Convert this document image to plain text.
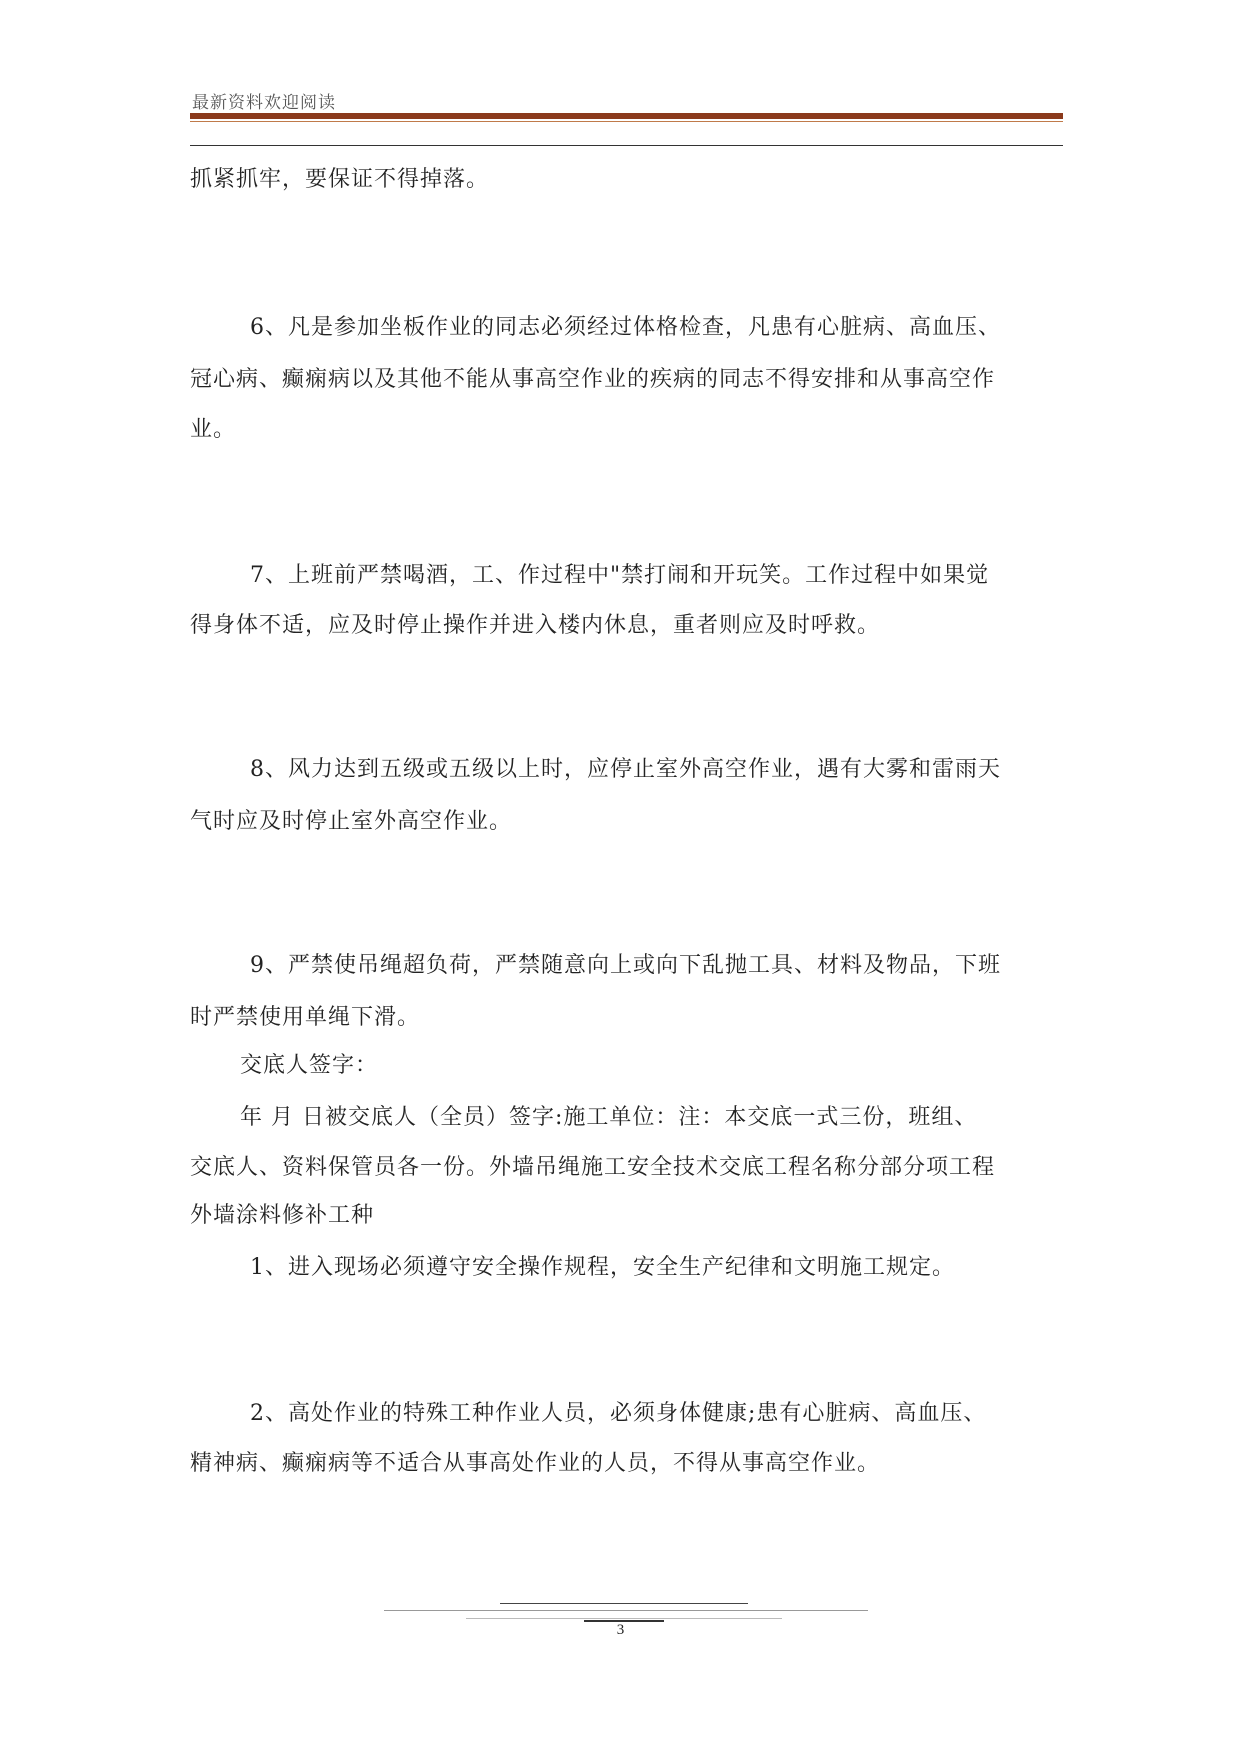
最新资料欢迎阅读
抓紧抓牢，要保证不得掉落。
6、凡是参加坐板作业的同志必须经过体格检查，凡患有心脏病、高血压、
冠心病、癫痫病以及其他不能从事高空作业的疾病的同志不得安排和从事高空作
业。
7、上班前严禁喝酒，工、作过程中"禁打闹和开玩笑。工作过程中如果觉
得身体不适，应及时停止操作并进入楼内休息，重者则应及时呼救。
8、风力达到五级或五级以上时，应停止室外高空作业，遇有大雾和雷雨天
气时应及时停止室外高空作业。
9、严禁使吊绳超负荷，严禁随意向上或向下乱抛工具、材料及物品，下班
时严禁使用单绳下滑。
交底人签字：
年 月 日被交底人（全员）签字:施工单位：注：本交底一式三份，班组、
交底人、资料保管员各一份。外墙吊绳施工安全技术交底工程名称分部分项工程
外墙涂料修补工种
1、进入现场必须遵守安全操作规程，安全生产纪律和文明施工规定。
2、高处作业的特殊工种作业人员，必须身体健康;患有心脏病、高血压、
精神病、癫痫病等不适合从事高处作业的人员，不得从事高空作业。
3
